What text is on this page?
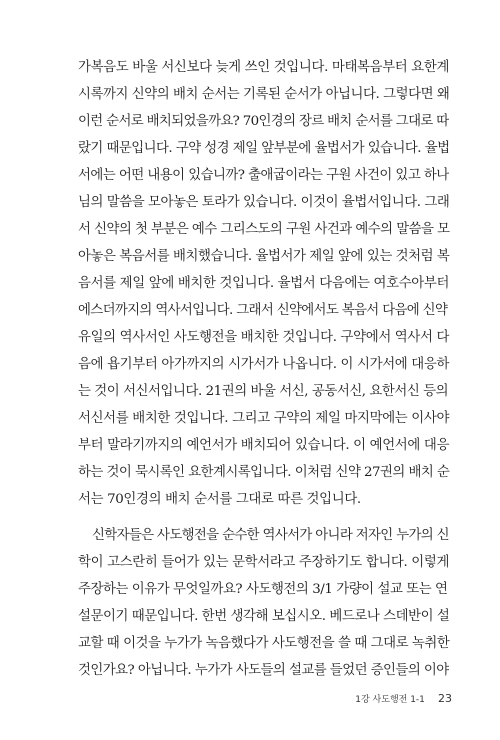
가복음도 바울 서신보다 늦게 쓰인 것입니다. 마태복음부터 요한계
시록까지 신약의 배치 순서는 기록된 순서가 아닙니다. 그렇다면 왜
이런 순서로 배치되었을까요? 70인경의 장르 배치 순서를 그대로 따
랐기 때문입니다. 구약 성경 제일 앞부분에 율법서가 있습니다. 율법
서에는 어떤 내용이 있습니까? 출애굽이라는 구원 사건이 있고 하나
님의 말씀을 모아놓은 토라가 있습니다. 이것이 율법서입니다. 그래
서 신약의 첫 부분은 예수 그리스도의 구원 사건과 예수의 말씀을 모
아놓은 복음서를 배치했습니다. 율법서가 제일 앞에 있는 것처럼 복
음서를 제일 앞에 배치한 것입니다. 율법서 다음에는 여호수아부터
에스더까지의 역사서입니다. 그래서 신약에서도 복음서 다음에 신약
유일의 역사서인 사도행전을 배치한 것입니다. 구약에서 역사서 다
음에 욥기부터 아가까지의 시가서가 나옵니다. 이 시가서에 대응하
는 것이 서신서입니다. 21권의 바울 서신, 공동서신, 요한서신 등의
서신서를 배치한 것입니다. 그리고 구약의 제일 마지막에는 이사야
부터 말라기까지의 예언서가 배치되어 있습니다. 이 예언서에 대응
하는 것이 묵시록인 요한계시록입니다. 이처럼 신약 27권의 배치 순
서는 70인경의 배치 순서를 그대로 따른 것입니다.
신학자들은 사도행전을 순수한 역사서가 아니라 저자인 누가의 신
학이 고스란히 들어가 있는 문학서라고 주장하기도 합니다. 이렇게
주장하는 이유가 무엇일까요? 사도행전의 3/1 가량이 설교 또는 연
설문이기 때문입니다. 한번 생각해 보십시오. 베드로나 스데반이 설
교할 때 이것을 누가가 녹음했다가 사도행전을 쓸 때 그대로 녹취한
것인가요? 아닙니다. 누가가 사도들의 설교를 들었던 증인들의 이야
1강 사도행전 1-1 23
